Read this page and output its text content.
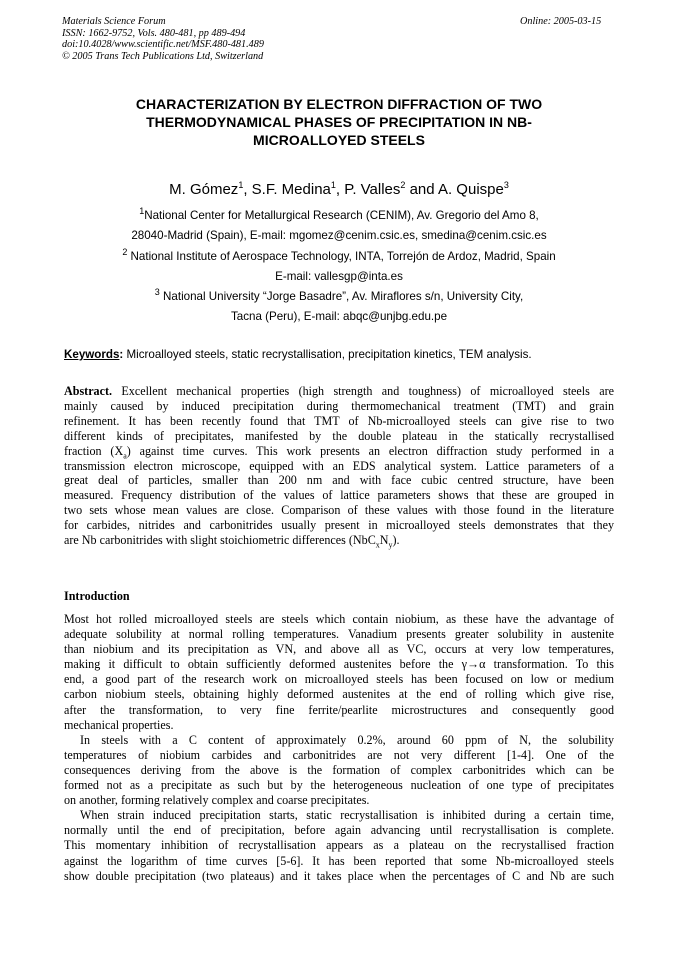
Materials Science Forum
ISSN: 1662-9752, Vols. 480-481, pp 489-494
doi:10.4028/www.scientific.net/MSF.480-481.489
© 2005 Trans Tech Publications Ltd, Switzerland
Online: 2005-03-15
CHARACTERIZATION BY ELECTRON DIFFRACTION OF TWO
THERMODYNAMICAL PHASES OF PRECIPITATION IN NB-
MICROALLOYED STEELS
M. Gómez$^1$, S.F. Medina$^1$, P. Valles$^2$ and A. Quispe$^3$
$^1$National Center for Metallurgical Research (CENIM), Av. Gregorio del Amo 8,
28040-Madrid (Spain), E-mail: mgomez@cenim.csic.es, smedina@cenim.csic.es
$^2$ National Institute of Aerospace Technology, INTA, Torrejón de Ardoz, Madrid, Spain
E-mail: vallesgp@inta.es
$^3$ National University “Jorge Basadre”, Av. Miraflores s/n, University City,
Tacna (Peru), E-mail: abqc@unjbg.edu.pe
Keywords: Microalloyed steels, static recrystallisation, precipitation kinetics, TEM analysis.
Abstract. Excellent mechanical properties (high strength and toughness) of microalloyed steels are
mainly caused by induced precipitation during thermomechanical treatment (TMT) and grain
refinement. It has been recently found that TMT of Nb-microalloyed steels can give rise to two
different kinds of precipitates, manifested by the double plateau in the statically recrystallised
fraction $(X_a)$ against time curves. This work presents an electron diffraction study performed in a
transmission electron microscope, equipped with an EDS analytical system. Lattice parameters of a
great deal of particles, smaller than 200 nm and with face cubic centred structure, have been
measured. Frequency distribution of the values of lattice parameters shows that these are grouped in
two sets whose mean values are close. Comparison of these values with those found in the literature
for carbides, nitrides and carbonitrides usually present in microalloyed steels demonstrates that they
are Nb carbonitrides with slight stoichiometric differences $(NbC_xN_y)$.
Introduction
Most hot rolled microalloyed steels are steels which contain niobium, as these have the advantage of
adequate solubility at normal rolling temperatures. Vanadium presents greater solubility in austenite
than niobium and its precipitation as VN, and above all as VC, occurs at very low temperatures,
making it difficult to obtain sufficiently deformed austenites before the γ→α transformation. To this
end, a good part of the research work on microalloyed steels has been focused on low or medium
carbon niobium steels, obtaining highly deformed austenites at the end of rolling which give rise,
after the transformation, to very fine ferrite/pearlite microstructures and consequently good
mechanical properties.
In steels with a C content of approximately 0.2%, around 60 ppm of N, the solubility
temperatures of niobium carbides and carbonitrides are not very different [1-4]. One of the
consequences deriving from the above is the formation of complex carbonitrides which can be
formed not as a precipitate as such but by the heterogeneous nucleation of one type of precipitates
on another, forming relatively complex and coarse precipitates.
When strain induced precipitation starts, static recrystallisation is inhibited during a certain time,
normally until the end of precipitation, before again advancing until recrystallisation is complete.
This momentary inhibition of recrystallisation appears as a plateau on the recrystallised fraction
against the logarithm of time curves [5-6]. It has been reported that some Nb-microalloyed steels
show double precipitation (two plateaus) and it takes place when the percentages of C and Nb are such
